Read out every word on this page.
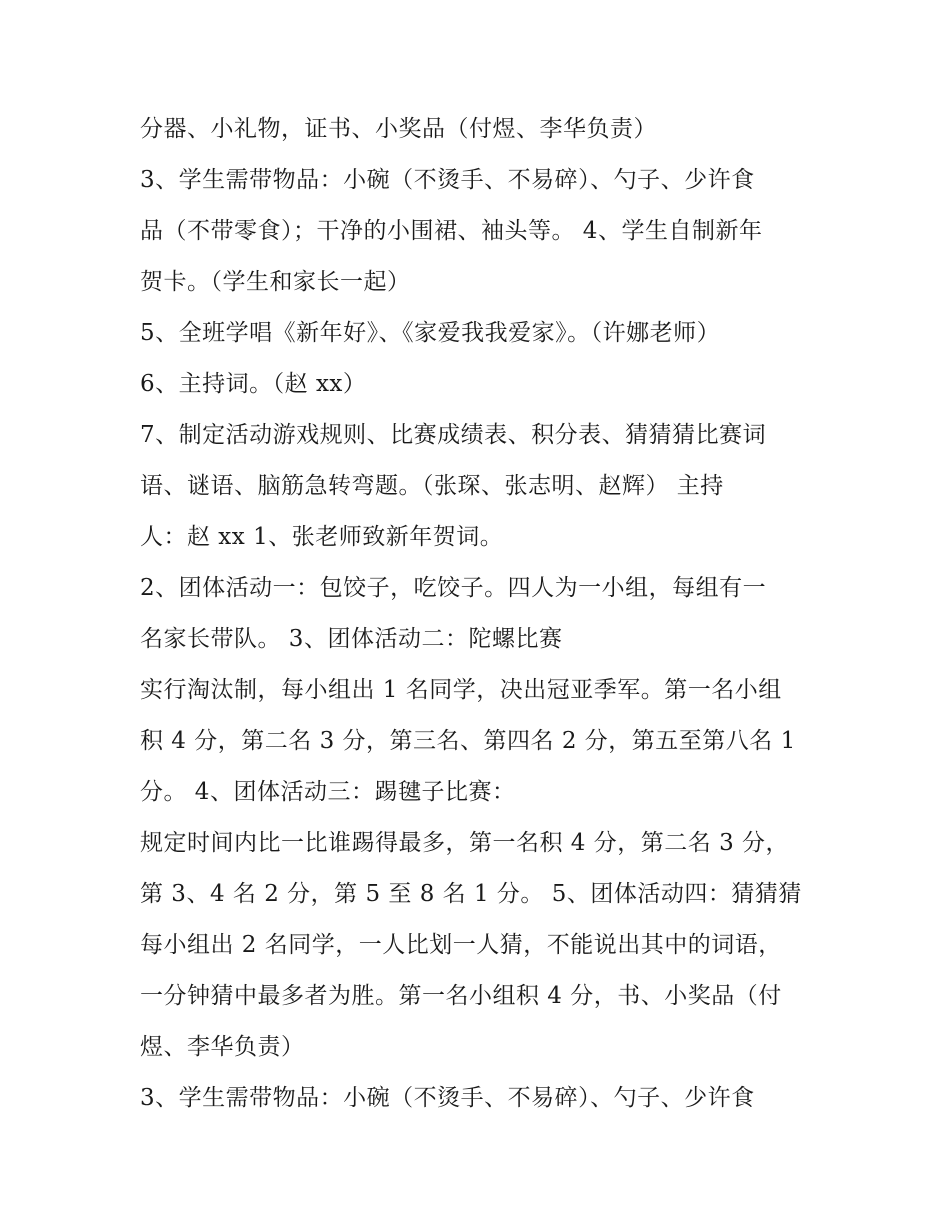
分器、小礼物，证书、小奖品（付煜、李华负责）
3、学生需带物品：小碗（不烫手、不易碎）、勺子、少许食
品（不带零食）；干净的小围裙、袖头等。 4、学生自制新年
贺卡。（学生和家长一起）
5、全班学唱《新年好》、《家爱我我爱家》。（许娜老师）
6、主持词。（赵 xx）
7、制定活动游戏规则、比赛成绩表、积分表、猜猜猜比赛词
语、谜语、脑筋急转弯题。（张琛、张志明、赵辉） 主持
人：赵 xx 1、张老师致新年贺词。
2、团体活动一：包饺子，吃饺子。四人为一小组，每组有一
名家长带队。 3、团体活动二：陀螺比赛
实行淘汰制，每小组出 1 名同学，决出冠亚季军。第一名小组
积 4 分，第二名 3 分，第三名、第四名 2 分，第五至第八名 1
分。 4、团体活动三：踢毽子比赛：
规定时间内比一比谁踢得最多，第一名积 4 分，第二名 3 分，
第 3、4 名 2 分，第 5 至 8 名 1 分。 5、团体活动四：猜猜猜
每小组出 2 名同学，一人比划一人猜，不能说出其中的词语，
一分钟猜中最多者为胜。第一名小组积 4 分，书、小奖品（付
煜、李华负责）
3、学生需带物品：小碗（不烫手、不易碎）、勺子、少许食
